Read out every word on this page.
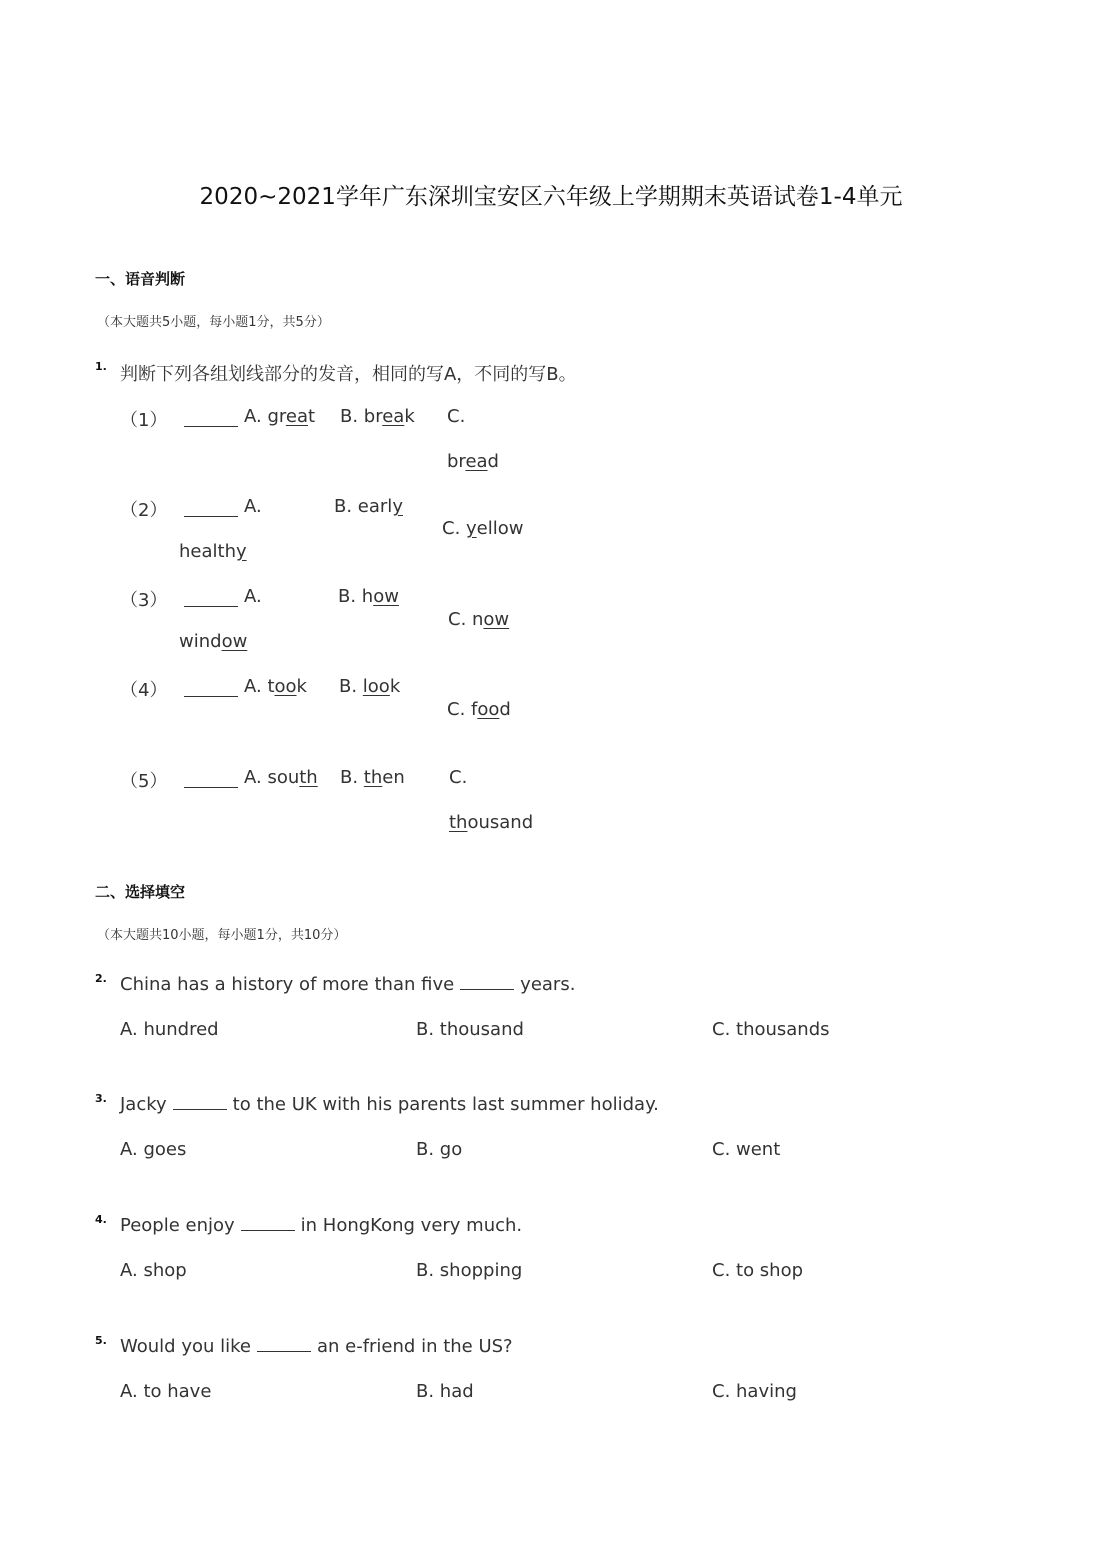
2020~2021学年广东深圳宝安区六年级上学期期末英语试卷1-4单元
一、语音判断
（本大题共5小题，每小题1分，共5分）
1. 判断下列各组划线部分的发音，相同的写A，不同的写B。
（1）	A. great B. break C.
bread
（2）	A.
healthy
B. early
C. yellow
（3）	A.
window
B. how
C. now
（4）	A. took B. look
C. food
（5）	A. south B. then C.
thousand
二、选择填空
（本大题共10小题，每小题1分，共10分）
2. China has a history of more than five	years.
A. hundred	B. thousand	C. thousands
3. Jacky	to the UK with his parents last summer holiday.
A. goes	B. go	C. went
4. People enjoy	in HongKong very much.
A. shop	B. shopping	C. to shop
5. Would you like	an e-friend in the US?
A. to have	B. had	C. having
